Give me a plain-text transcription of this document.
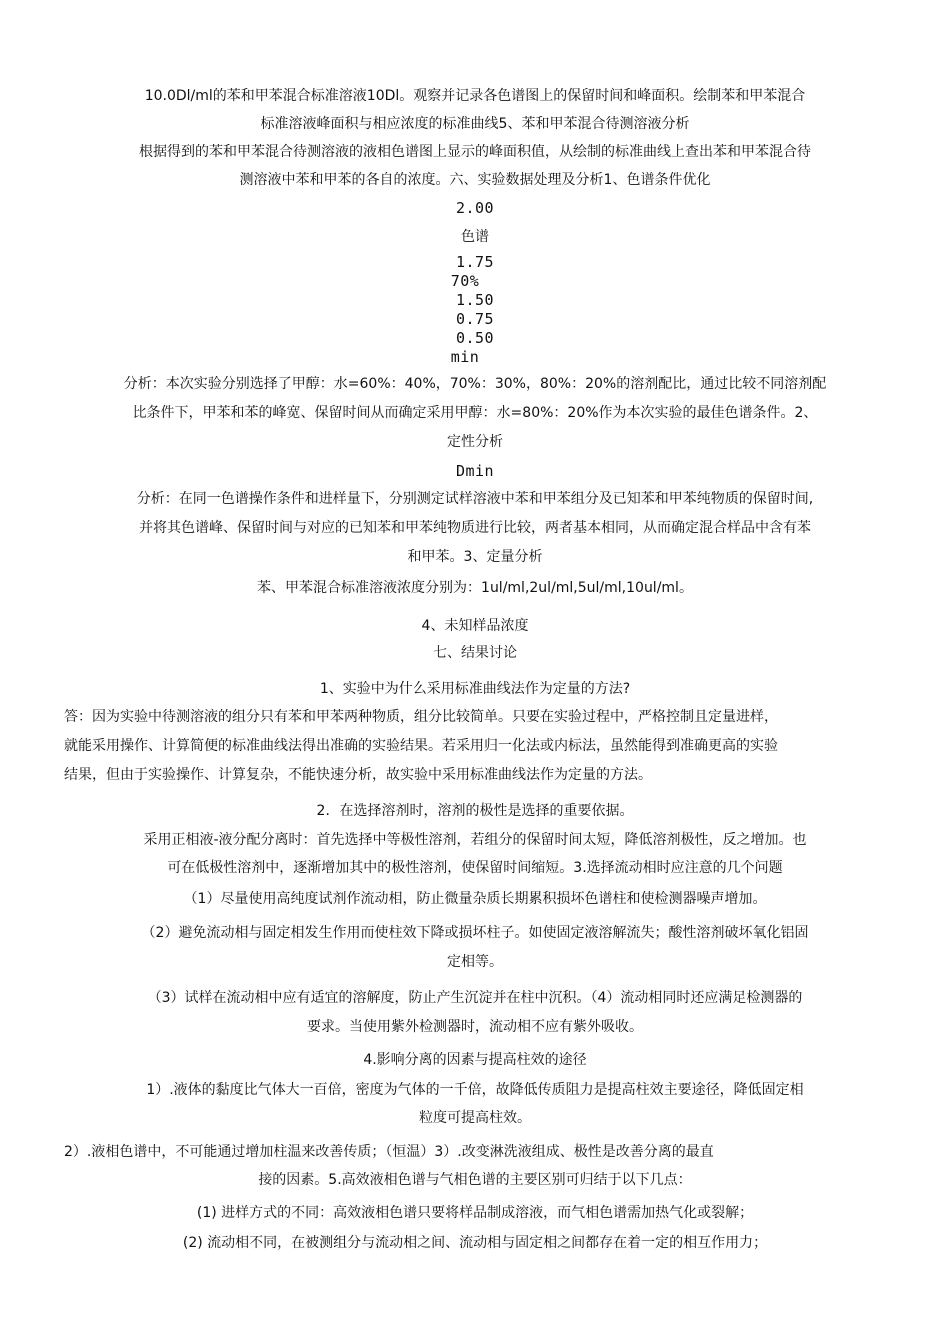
10.0Dl/ml的苯和甲苯混合标准溶液10Dl。观察并记录各色谱图上的保留时间和峰面积。绘制苯和甲苯混合
标准溶液峰面积与相应浓度的标准曲线5、苯和甲苯混合待测溶液分析
根据得到的苯和甲苯混合待测溶液的液相色谱图上显示的峰面积值，从绘制的标准曲线上查出苯和甲苯混合待
测溶液中苯和甲苯的各自的浓度。六、实验数据处理及分析1、色谱条件优化
2.00
色谱
1.75
70%
1.50
0.75
0.50
min
分析：本次实验分别选择了甲醇：水=60%：40%，70%：30%，80%：20%的溶剂配比，通过比较不同溶剂配
比条件下，甲苯和苯的峰宽、保留时间从而确定采用甲醇：水=80%：20%作为本次实验的最佳色谱条件。2、
定性分析
Dmin
分析：在同一色谱操作条件和进样量下，分别测定试样溶液中苯和甲苯组分及已知苯和甲苯纯物质的保留时间,
并将其色谱峰、保留时间与对应的已知苯和甲苯纯物质进行比较，两者基本相同，从而确定混合样品中含有苯
和甲苯。3、定量分析
苯、甲苯混合标准溶液浓度分别为：1ul/ml,2ul/ml,5ul/ml,10ul/ml。
4、未知样品浓度
七、结果讨论
1、实验中为什么采用标准曲线法作为定量的方法?
答：因为实验中待测溶液的组分只有苯和甲苯两种物质，组分比较简单。只要在实验过程中，严格控制且定量进样，
就能采用操作、计算简便的标准曲线法得出准确的实验结果。若采用归一化法或内标法，虽然能得到准确更高的实验
结果，但由于实验操作、计算复杂，不能快速分析，故实验中采用标准曲线法作为定量的方法。
2．在选择溶剂时，溶剂的极性是选择的重要依据。
采用正相液-液分配分离时：首先选择中等极性溶剂，若组分的保留时间太短，降低溶剂极性，反之增加。也
可在低极性溶剂中，逐渐增加其中的极性溶剂，使保留时间缩短。3.选择流动相时应注意的几个问题
（1）尽量使用高纯度试剂作流动相，防止微量杂质长期累积损坏色谱柱和使检测器噪声增加。
（2）避免流动相与固定相发生作用而使柱效下降或损坏柱子。如使固定液溶解流失；酸性溶剂破坏氧化铝固
定相等。
（3）试样在流动相中应有适宜的溶解度，防止产生沉淀并在柱中沉积。（4）流动相同时还应满足检测器的
要求。当使用紫外检测器时，流动相不应有紫外吸收。
4.影响分离的因素与提高柱效的途径
1）.液体的黏度比气体大一百倍，密度为气体的一千倍，故降低传质阻力是提高柱效主要途径，降低固定相
粒度可提高柱效。
2）.液相色谱中，不可能通过增加柱温来改善传质；（恒温）3）.改变淋洗液组成、极性是改善分离的最直
接的因素。5.高效液相色谱与气相色谱的主要区别可归结于以下几点：
(1) 进样方式的不同：高效液相色谱只要将样品制成溶液，而气相色谱需加热气化或裂解；
(2) 流动相不同，在被测组分与流动相之间、流动相与固定相之间都存在着一定的相互作用力；
